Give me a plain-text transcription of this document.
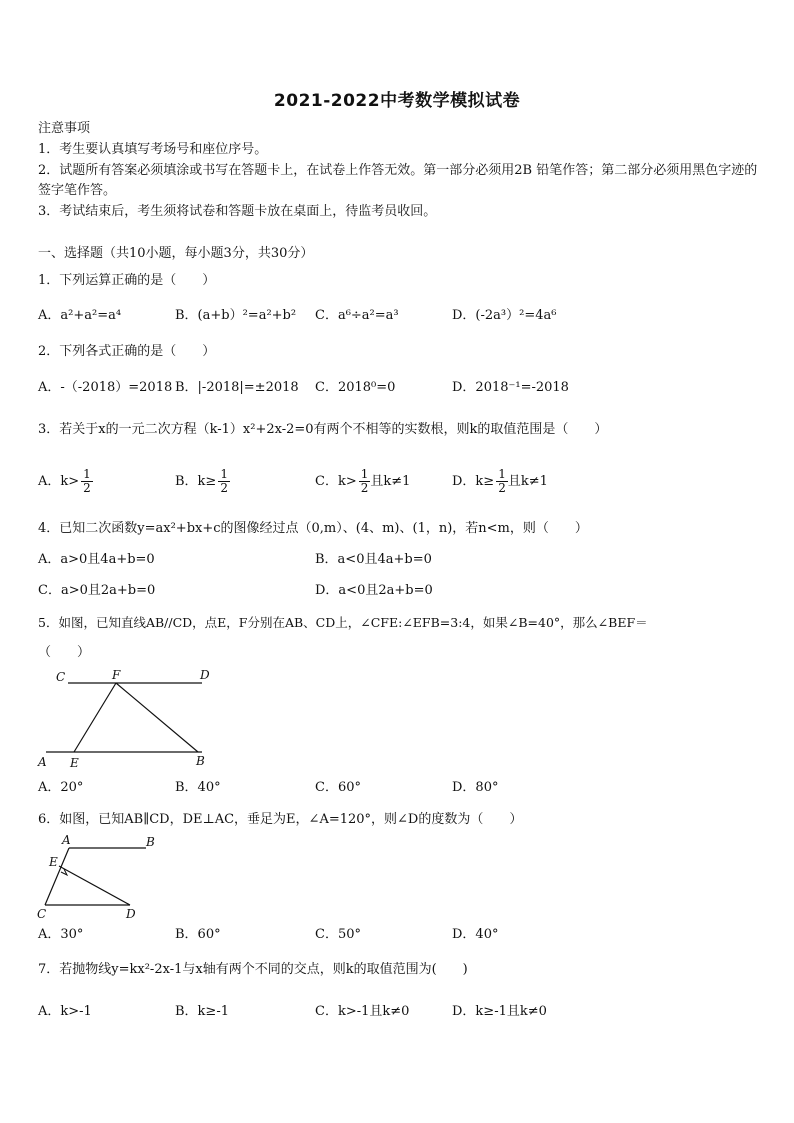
2021-2022中考数学模拟试卷
注意事项
1．考生要认真填写考场号和座位序号。
2．试题所有答案必须填涂或书写在答题卡上，在试卷上作答无效。第一部分必须用2B 铅笔作答；第二部分必须用黑色字迹的签字笔作答。
3．考试结束后，考生须将试卷和答题卡放在桌面上，待监考员收回。
一、选择题（共10小题，每小题3分，共30分）
1．下列运算正确的是（　　）
A．a²+a²=a⁴	B．(a+b）²=a²+b² C．a⁶÷a²=a³	D．(-2a³）²=4a⁶
2．下列各式正确的是（　　）
A．-（-2018）=2018 B．|-2018|=±2018 C．2018⁰=0	D．2018⁻¹=-2018
3．若关于x的一元二次方程（k-1）x²+2x-2=0有两个不相等的实数根，则k的取值范围是（　　）
A．$k> \frac{1}{2}$	B．$k\ge \frac{1}{2}$	C．$k> \frac{1}{2}$ 且k≠1	D．$k\ge \frac{1}{2}$ 且k≠1
4．已知二次函数y=ax²+bx+c的图像经过点（0,m）、(4、m)、(1，n)，若n<m，则（　　）
A．a>0且4a+b=0	B．a<0且4a+b=0
C．a>0且2a+b=0	D．a<0且2a+b=0
5．如图，已知直线AB//CD，点E，F分别在AB、CD上，∠CFE:∠EFB=3:4，如果∠B=40°，那么∠BEF＝
（　　）
C	F	D
A E	B
A．20°	B．40°	C．60°	D．80°
6．如图，已知AB∥CD，DE⊥AC，垂足为E，∠A=120°，则∠D的度数为（　　）
A	B
E
C	D
A．30°	B．60°	C．50°	D．40°
7．若抛物线y=kx²-2x-1与x轴有两个不同的交点，则k的取值范围为(　　)
A．k>-1	B．k≥-1	C．k>-1且k≠0	D．k≥-1且k≠0
